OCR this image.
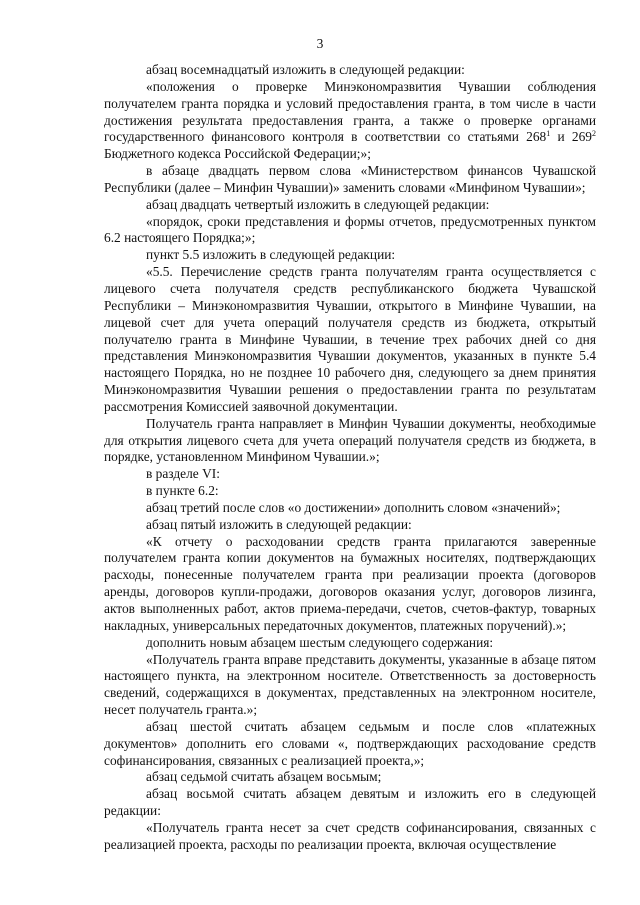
3

абзац восемнадцатый изложить в следующей редакции:

«положения о проверке Минэкономразвития Чувашии соблюдения получателем гранта порядка и условий предоставления гранта, в том числе в части достижения результата предоставления гранта, а также о проверке органами государственного финансового контроля в соответствии со статьями $268^1$ и $269^2$ Бюджетного кодекса Российской Федерации;»;

в абзаце двадцать первом слова «Министерством финансов Чувашской Республики (далее – Минфин Чувашии)» заменить словами «Минфином Чувашии»;

абзац двадцать четвертый изложить в следующей редакции:

«порядок, сроки представления и формы отчетов, предусмотренных пунктом 6.2 настоящего Порядка;»;

пункт 5.5 изложить в следующей редакции:

«5.5. Перечисление средств гранта получателям гранта осуществляется с лицевого счета получателя средств республиканского бюджета Чувашской Республики – Минэкономразвития Чувашии, открытого в Минфине Чувашии, на лицевой счет для учета операций получателя средств из бюджета, открытый получателю гранта в Минфине Чувашии, в течение трех рабочих дней со дня представления Минэкономразвития Чувашии документов, указанных в пункте 5.4 настоящего Порядка, но не позднее 10 рабочего дня, следующего за днем принятия Минэкономразвития Чувашии решения о предоставлении гранта по результатам рассмотрения Комиссией заявочной документации.

Получатель гранта направляет в Минфин Чувашии документы, необходимые для открытия лицевого счета для учета операций получателя средств из бюджета, в порядке, установленном Минфином Чувашии.»;

в разделе VI:

в пункте 6.2:

абзац третий после слов «о достижении» дополнить словом «значений»;

абзац пятый изложить в следующей редакции:

«К отчету о расходовании средств гранта прилагаются заверенные получателем гранта копии документов на бумажных носителях, подтверждающих расходы, понесенные получателем гранта при реализации проекта (договоров аренды, договоров купли-продажи, договоров оказания услуг, договоров лизинга, актов выполненных работ, актов приема-передачи, счетов, счетов-фактур, товарных накладных, универсальных передаточных документов, платежных поручений).»;

дополнить новым абзацем шестым следующего содержания:

«Получатель гранта вправе представить документы, указанные в абзаце пятом настоящего пункта, на электронном носителе. Ответственность за достоверность сведений, содержащихся в документах, представленных на электронном носителе, несет получатель гранта.»;

абзац шестой считать абзацем седьмым и после слов «платежных документов» дополнить его словами «, подтверждающих расходование средств софинансирования, связанных с реализацией проекта,»;

абзац седьмой считать абзацем восьмым;

абзац восьмой считать абзацем девятым и изложить его в следующей редакции:

«Получатель гранта несет за счет средств софинансирования, связанных с реализацией проекта, расходы по реализации проекта, включая осуществление
